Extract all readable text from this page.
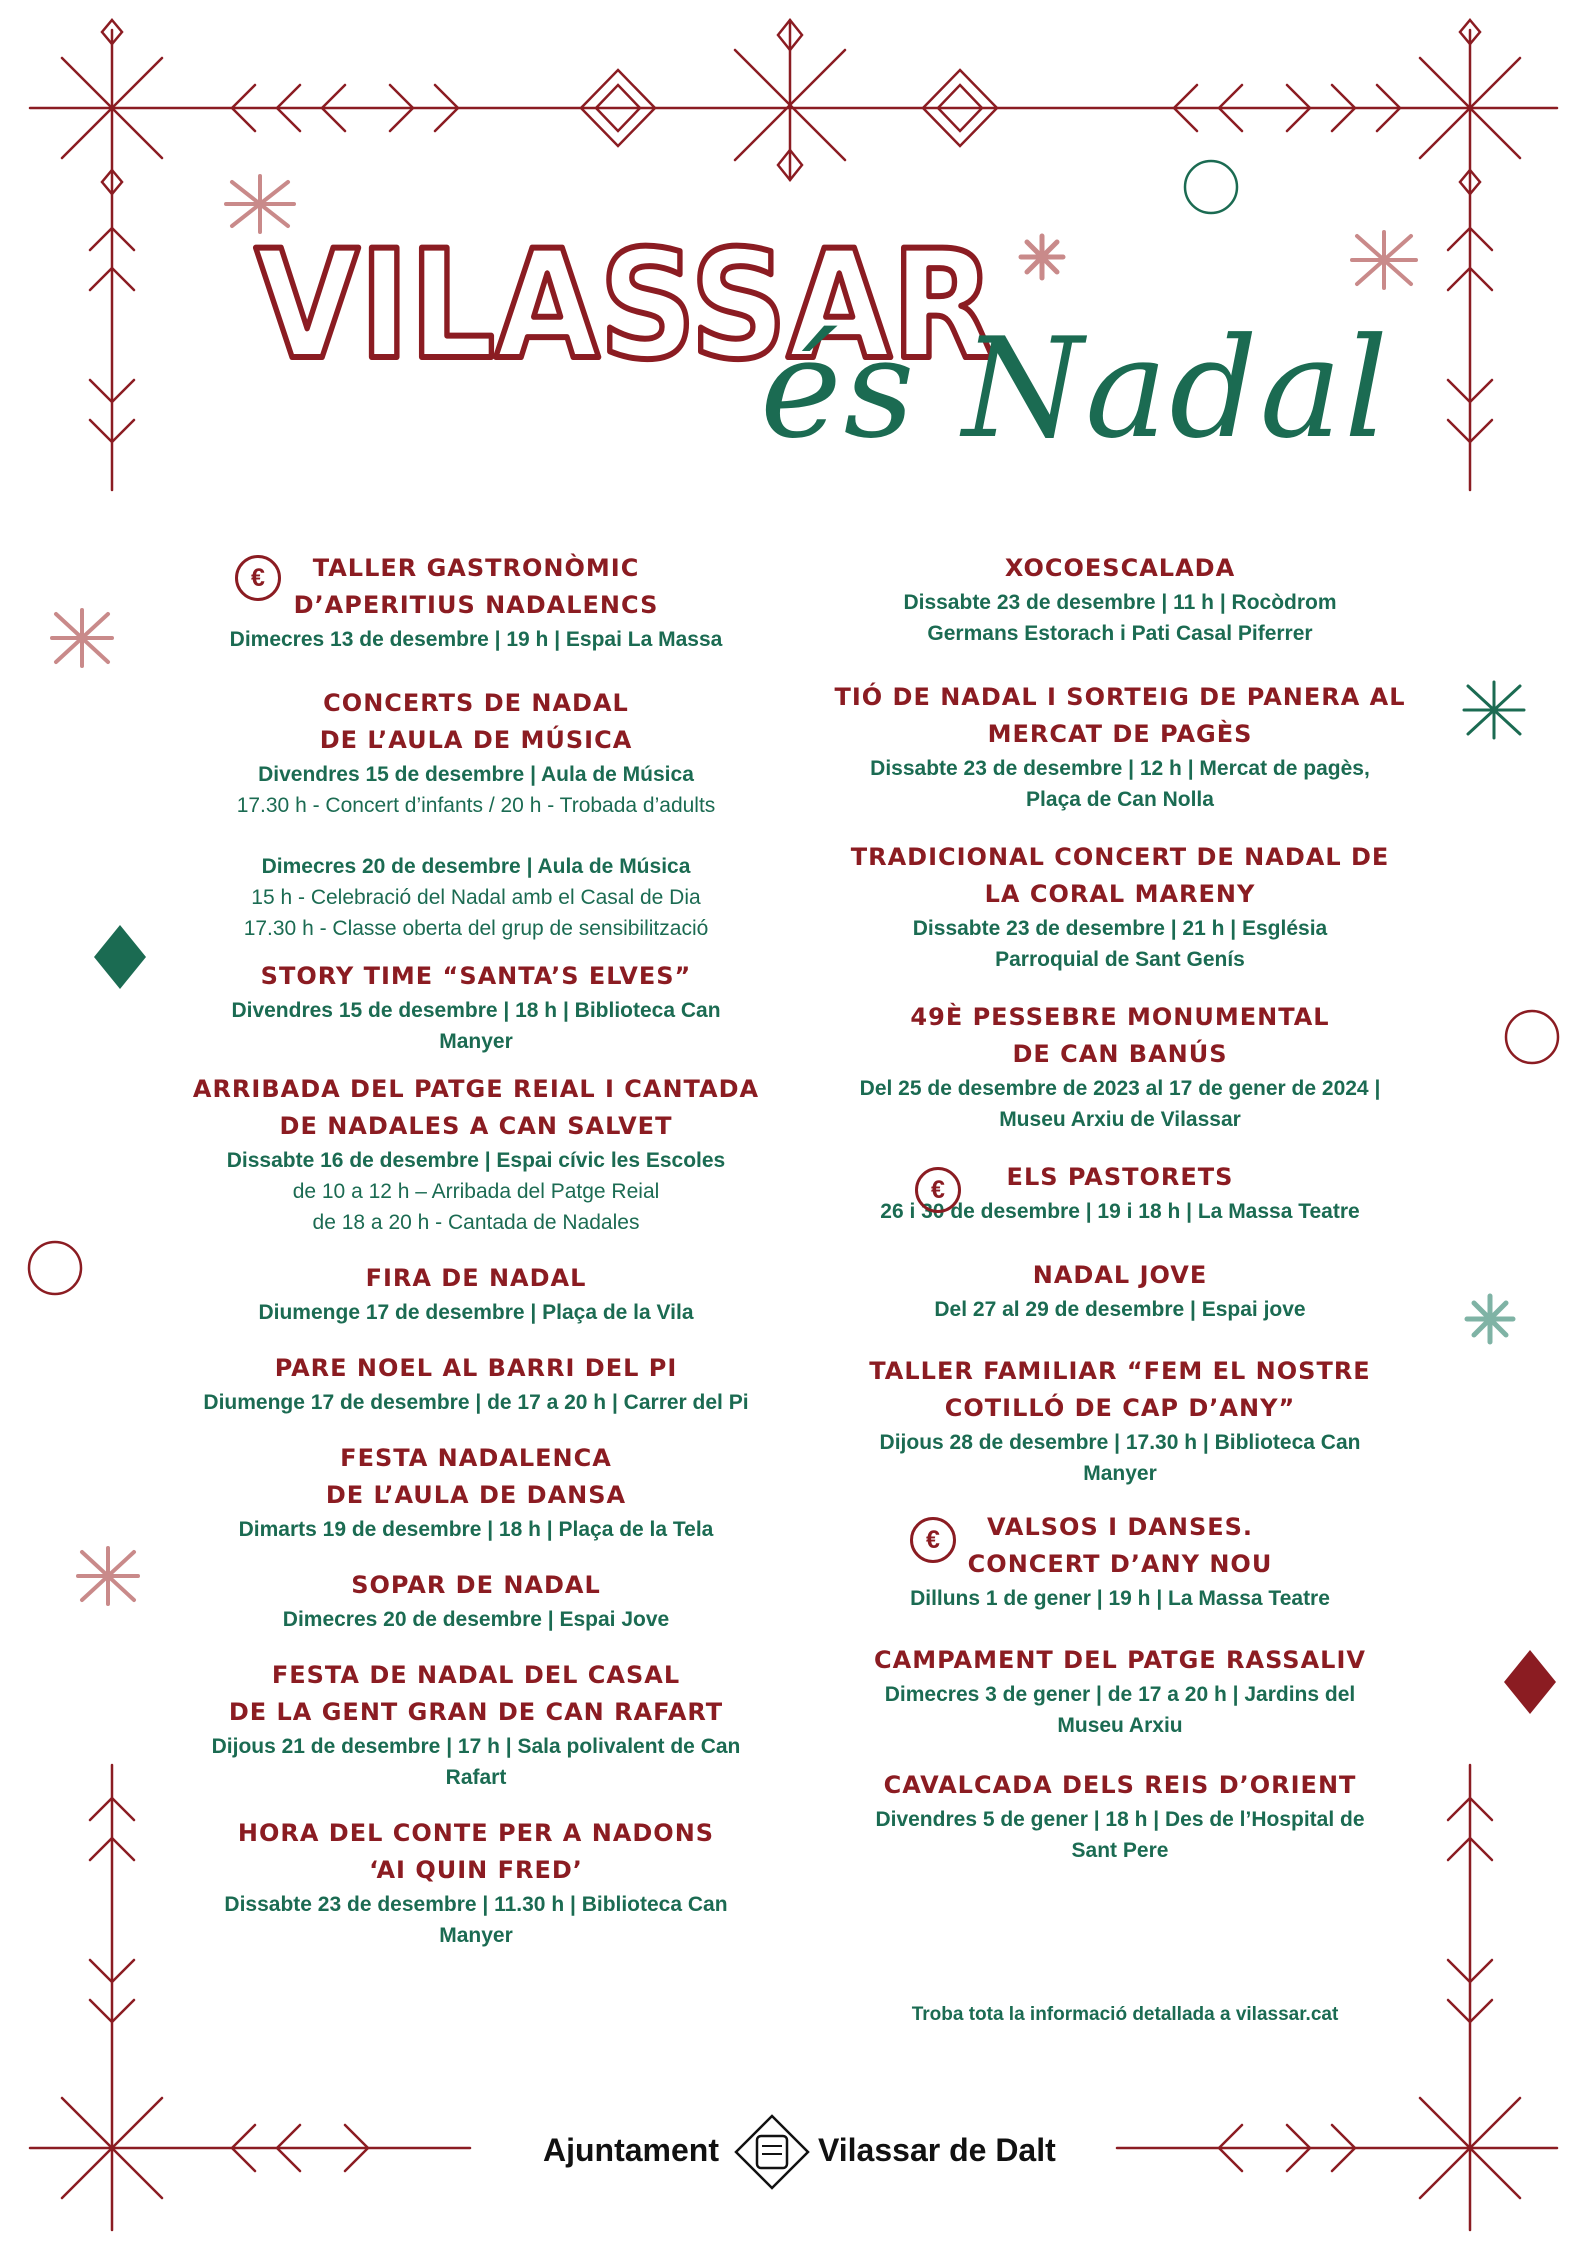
VILASSAR
és Nadal
TALLER GASTRONÒMIC
D’APERITIUS NADALENCS
Dimecres 13 de desembre | 19 h | Espai La Massa
€
CONCERTS DE NADAL
DE L’AULA DE MÚSICA
Divendres 15 de desembre | Aula de Música
17.30 h - Concert d’infants / 20 h - Trobada d’adults
Dimecres 20 de desembre | Aula de Música
15 h - Celebració del Nadal amb el Casal de Dia
17.30 h - Classe oberta del grup de sensibilització
STORY TIME “SANTA’S ELVES”
Divendres 15 de desembre | 18 h | Biblioteca Can
Manyer
ARRIBADA DEL PATGE REIAL I CANTADA
DE NADALES A CAN SALVET
Dissabte 16 de desembre | Espai cívic les Escoles
de 10 a 12 h – Arribada del Patge Reial
de 18 a 20 h - Cantada de Nadales
FIRA DE NADAL
Diumenge 17 de desembre | Plaça de la Vila
PARE NOEL AL BARRI DEL PI
Diumenge 17 de desembre | de 17 a 20 h | Carrer del Pi
FESTA NADALENCA
DE L’AULA DE DANSA
Dimarts 19 de desembre | 18 h | Plaça de la Tela
SOPAR DE NADAL
Dimecres 20 de desembre | Espai Jove
FESTA DE NADAL DEL CASAL
DE LA GENT GRAN DE CAN RAFART
Dijous 21 de desembre | 17 h | Sala polivalent de Can
Rafart
HORA DEL CONTE PER A NADONS
‘AI QUIN FRED’
Dissabte 23 de desembre | 11.30 h | Biblioteca Can
Manyer
XOCOESCALADA
Dissabte 23 de desembre | 11 h | Rocòdrom
Germans Estorach i Pati Casal Piferrer
TIÓ DE NADAL I SORTEIG DE PANERA AL
MERCAT DE PAGÈS
Dissabte 23 de desembre | 12 h | Mercat de pagès,
Plaça de Can Nolla
TRADICIONAL CONCERT DE NADAL DE
LA CORAL MARENY
Dissabte 23 de desembre | 21 h | Església
Parroquial de Sant Genís
49È PESSEBRE MONUMENTAL
DE CAN BANÚS
Del 25 de desembre de 2023 al 17 de gener de 2024 |
Museu Arxiu de Vilassar
ELS PASTORETS
26 i 30 de desembre | 19 i 18 h | La Massa Teatre
€
NADAL JOVE
Del 27 al 29 de desembre | Espai jove
TALLER FAMILIAR “FEM EL NOSTRE
COTILLÓ DE CAP D’ANY”
Dijous 28 de desembre | 17.30 h | Biblioteca Can
Manyer
VALSOS I DANSES.
CONCERT D’ANY NOU
Dilluns 1 de gener | 19 h | La Massa Teatre
€
CAMPAMENT DEL PATGE RASSALIV
Dimecres 3 de gener | de 17 a 20 h | Jardins del
Museu Arxiu
CAVALCADA DELS REIS D’ORIENT
Divendres 5 de gener | 18 h | Des de l’Hospital de
Sant Pere
Troba tota la informació detallada a vilassar.cat
Ajuntament	Vilassar de Dalt
